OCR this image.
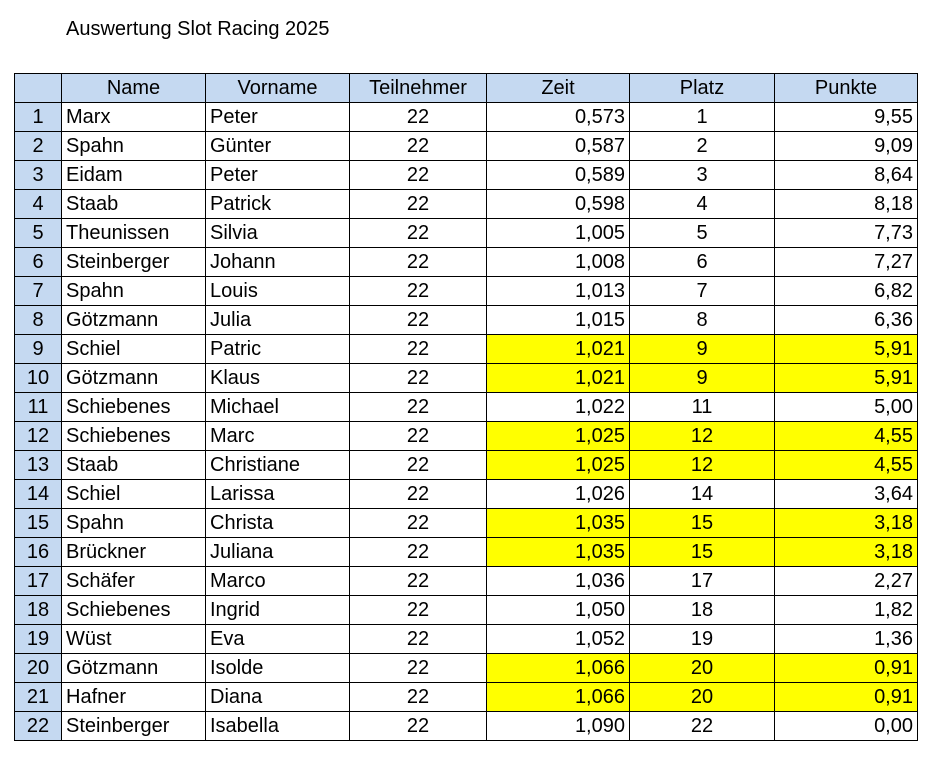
Auswertung Slot Racing 2025
	Name	Vorname	Teilnehmer	Zeit	Platz	Punkte
1	Marx	Peter	22	0,573	1	9,55
2	Spahn	Günter	22	0,587	2	9,09
3	Eidam	Peter	22	0,589	3	8,64
4	Staab	Patrick	22	0,598	4	8,18
5	Theunissen	Silvia	22	1,005	5	7,73
6	Steinberger	Johann	22	1,008	6	7,27
7	Spahn	Louis	22	1,013	7	6,82
8	Götzmann	Julia	22	1,015	8	6,36
9	Schiel	Patric	22	1,021	9	5,91
10	Götzmann	Klaus	22	1,021	9	5,91
11	Schiebenes	Michael	22	1,022	11	5,00
12	Schiebenes	Marc	22	1,025	12	4,55
13	Staab	Christiane	22	1,025	12	4,55
14	Schiel	Larissa	22	1,026	14	3,64
15	Spahn	Christa	22	1,035	15	3,18
16	Brückner	Juliana	22	1,035	15	3,18
17	Schäfer	Marco	22	1,036	17	2,27
18	Schiebenes	Ingrid	22	1,050	18	1,82
19	Wüst	Eva	22	1,052	19	1,36
20	Götzmann	Isolde	22	1,066	20	0,91
21	Hafner	Diana	22	1,066	20	0,91
22	Steinberger	Isabella	22	1,090	22	0,00
